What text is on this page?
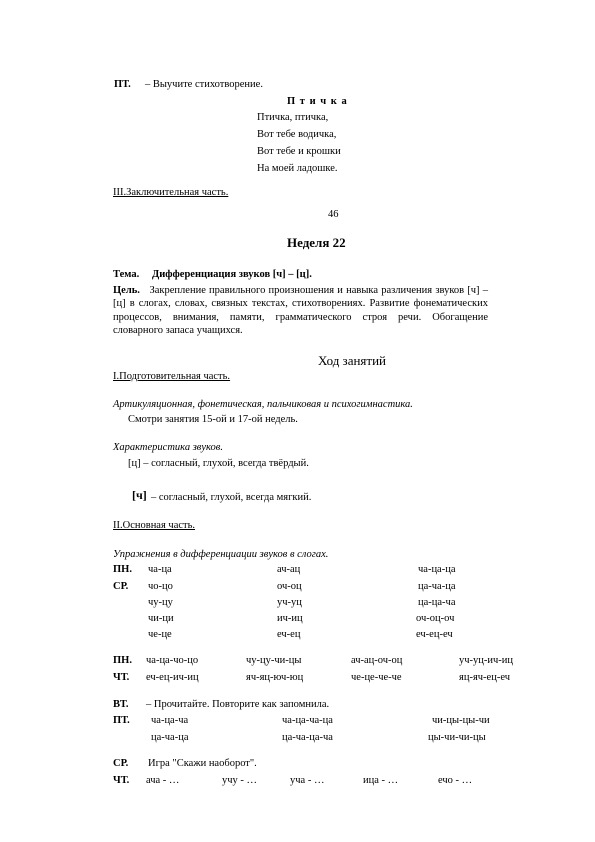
ПТ. – Выучите стихотворение.
П т и ч к а
Птичка, птичка,
Вот тебе водичка,
Вот тебе и крошки
На моей ладошке.
III.Заключительная часть.
46
Неделя 22
Тема. Дифференциация звуков [ч] – [ц].
Цель. Закрепление правильного произношения и навыка различения звуков [ч] – [ц] в слогах, словах, связных текстах, стихотворениях. Развитие фонематических процессов, внимания, памяти, грамматического строя речи. Обогащение словарного запаса учащихся.
Ход занятий
I.Подготовительная часть.
Артикуляционная, фонетическая, пальчиковая и психогимнастика.
Смотри занятия 15-ой и 17-ой недель.
Характеристика звуков.
[ц] – согласный, глухой, всегда твёрдый.
[ч] – согласный, глухой, всегда мягкий.
II.Основная часть.
Упражнения в дифференциации звуков в слогах.
ПН. ча-ца	ач-ац	ча-ца-ца
СР. чо-цо	оч-оц	ца-ча-ца
чу-цу	уч-уц	ца-ца-ча
чи-ци	ич-иц	оч-оц-оч
че-це	еч-ец	еч-ец-еч
ПН. ча-ца-чо-цо	чу-цу-чи-цы	ач-ац-оч-оц	уч-уц-ич-иц
ЧТ. еч-ец-ич-иц	яч-яц-юч-юц	че-це-че-че	яц-яч-ец-еч
ВТ. – Прочитайте. Повторите как запомнила.
ПТ. ча-ца-ча	ча-ца-ча-ца	чи-цы-цы-чи
ца-ча-ца	ца-ча-ца-ча	цы-чи-чи-цы
СР. Игра "Скажи наоборот".
ЧТ. ача - …	учу - …	уча - …	ица - …	ечо - …
